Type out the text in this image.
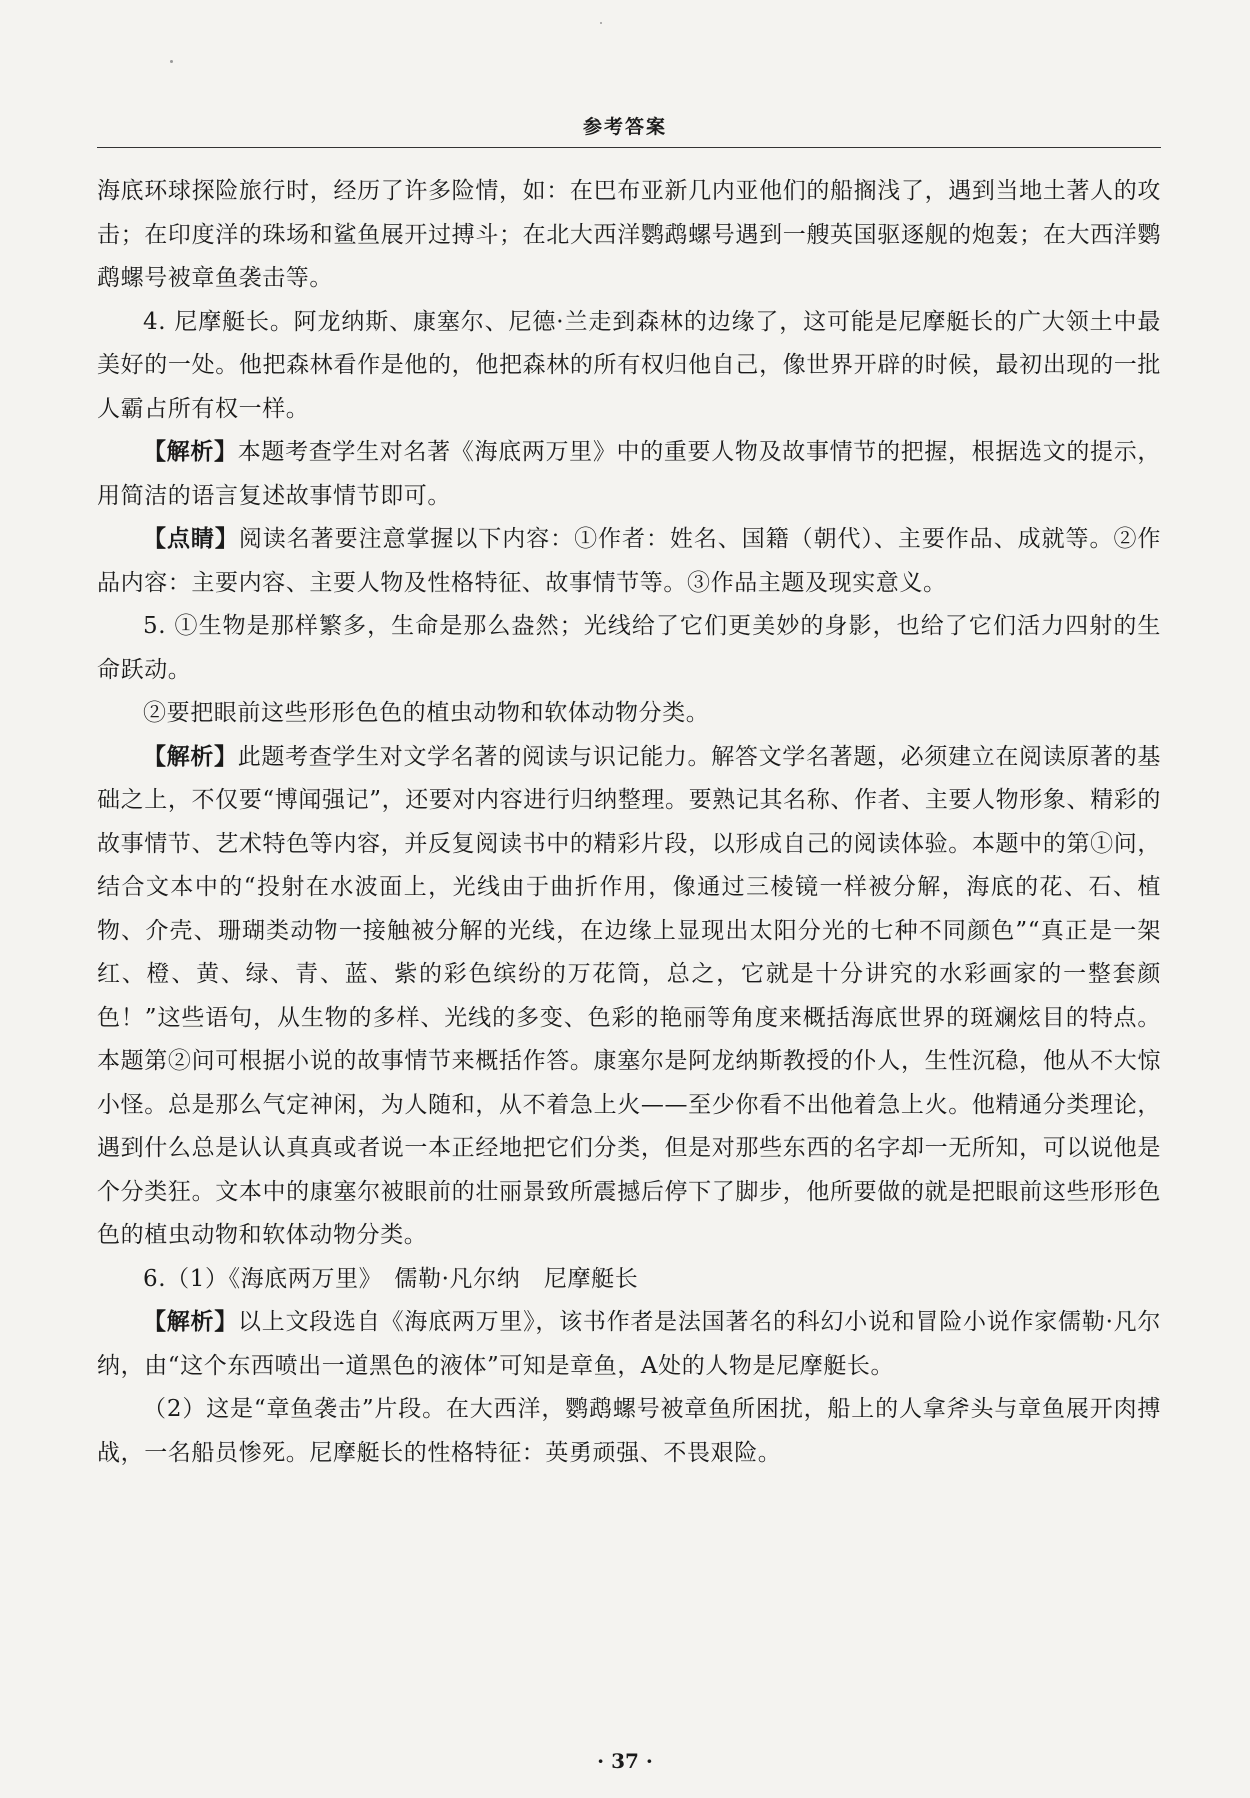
参考答案

海底环球探险旅行时，经历了许多险情，如：在巴布亚新几内亚他们的船搁浅了，遇到当地土著人的攻击；在印度洋的珠场和鲨鱼展开过搏斗；在北大西洋鹦鹉螺号遇到一艘英国驱逐舰的炮轰；在大西洋鹦鹉螺号被章鱼袭击等。

4. 尼摩艇长。阿龙纳斯、康塞尔、尼德·兰走到森林的边缘了，这可能是尼摩艇长的广大领土中最美好的一处。他把森林看作是他的，他把森林的所有权归他自己，像世界开辟的时候，最初出现的一批人霸占所有权一样。

【解析】本题考查学生对名著《海底两万里》中的重要人物及故事情节的把握，根据选文的提示，用简洁的语言复述故事情节即可。

【点睛】阅读名著要注意掌握以下内容：①作者：姓名、国籍（朝代）、主要作品、成就等。②作品内容：主要内容、主要人物及性格特征、故事情节等。③作品主题及现实意义。

5. ①生物是那样繁多，生命是那么盎然；光线给了它们更美妙的身影，也给了它们活力四射的生命跃动。

②要把眼前这些形形色色的植虫动物和软体动物分类。

【解析】此题考查学生对文学名著的阅读与识记能力。解答文学名著题，必须建立在阅读原著的基础之上，不仅要“博闻强记”，还要对内容进行归纳整理。要熟记其名称、作者、主要人物形象、精彩的故事情节、艺术特色等内容，并反复阅读书中的精彩片段，以形成自己的阅读体验。本题中的第①问，结合文本中的“投射在水波面上，光线由于曲折作用，像通过三棱镜一样被分解，海底的花、石、植物、介壳、珊瑚类动物一接触被分解的光线，在边缘上显现出太阳分光的七种不同颜色”“真正是一架红、橙、黄、绿、青、蓝、紫的彩色缤纷的万花筒，总之，它就是十分讲究的水彩画家的一整套颜色！”这些语句，从生物的多样、光线的多变、色彩的艳丽等角度来概括海底世界的斑斓炫目的特点。本题第②问可根据小说的故事情节来概括作答。康塞尔是阿龙纳斯教授的仆人，生性沉稳，他从不大惊小怪。总是那么气定神闲，为人随和，从不着急上火——至少你看不出他着急上火。他精通分类理论，遇到什么总是认认真真或者说一本正经地把它们分类，但是对那些东西的名字却一无所知，可以说他是个分类狂。文本中的康塞尔被眼前的壮丽景致所震撼后停下了脚步，他所要做的就是把眼前这些形形色色的植虫动物和软体动物分类。

6.（1）《海底两万里》　儒勒·凡尔纳　尼摩艇长

【解析】以上文段选自《海底两万里》，该书作者是法国著名的科幻小说和冒险小说作家儒勒·凡尔纳，由“这个东西喷出一道黑色的液体”可知是章鱼，A处的人物是尼摩艇长。

（2）这是“章鱼袭击”片段。在大西洋，鹦鹉螺号被章鱼所困扰，船上的人拿斧头与章鱼展开肉搏战，一名船员惨死。尼摩艇长的性格特征：英勇顽强、不畏艰险。

· 37 ·
